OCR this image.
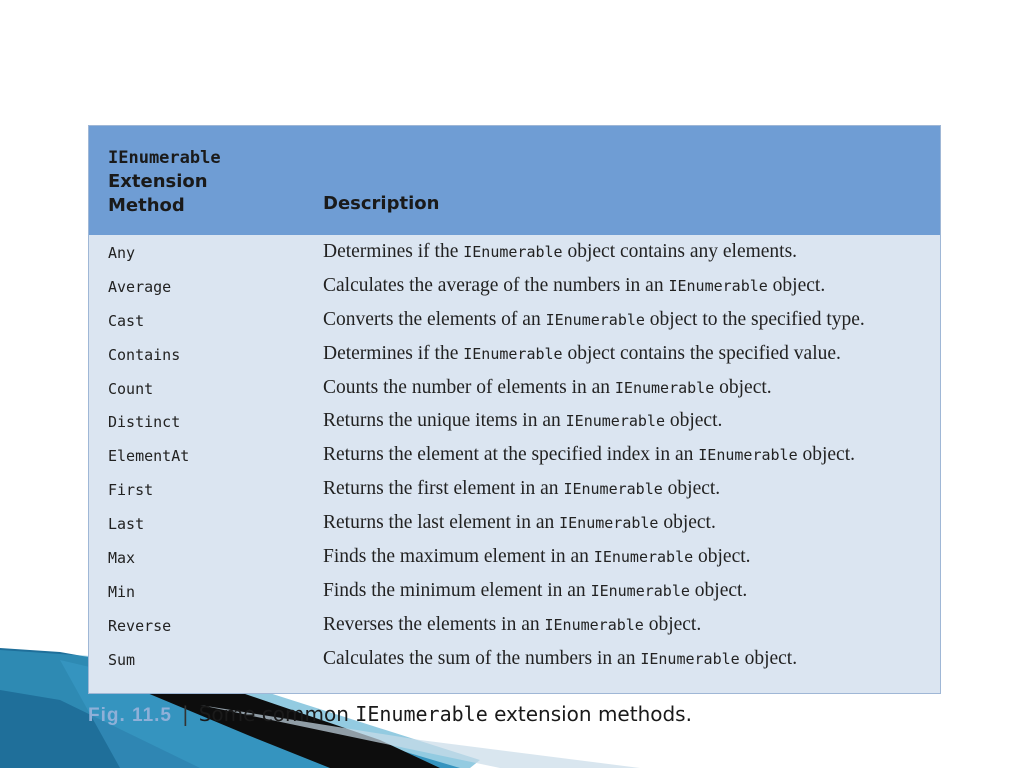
IEnumerable
Extension
Method	Description
Any	Determines if the IEnumerable object contains any elements.
Average	Calculates the average of the numbers in an IEnumerable object.
Cast	Converts the elements of an IEnumerable object to the specified type.
Contains	Determines if the IEnumerable object contains the specified value.
Count	Counts the number of elements in an IEnumerable object.
Distinct	Returns the unique items in an IEnumerable object.
ElementAt	Returns the element at the specified index in an IEnumerable object.
First	Returns the first element in an IEnumerable object.
Last	Returns the last element in an IEnumerable object.
Max	Finds the maximum element in an IEnumerable object.
Min	Finds the minimum element in an IEnumerable object.
Reverse	Reverses the elements in an IEnumerable object.
Sum	Calculates the sum of the numbers in an IEnumerable object.
Fig. 11.5 | Some common IEnumerable extension methods.
